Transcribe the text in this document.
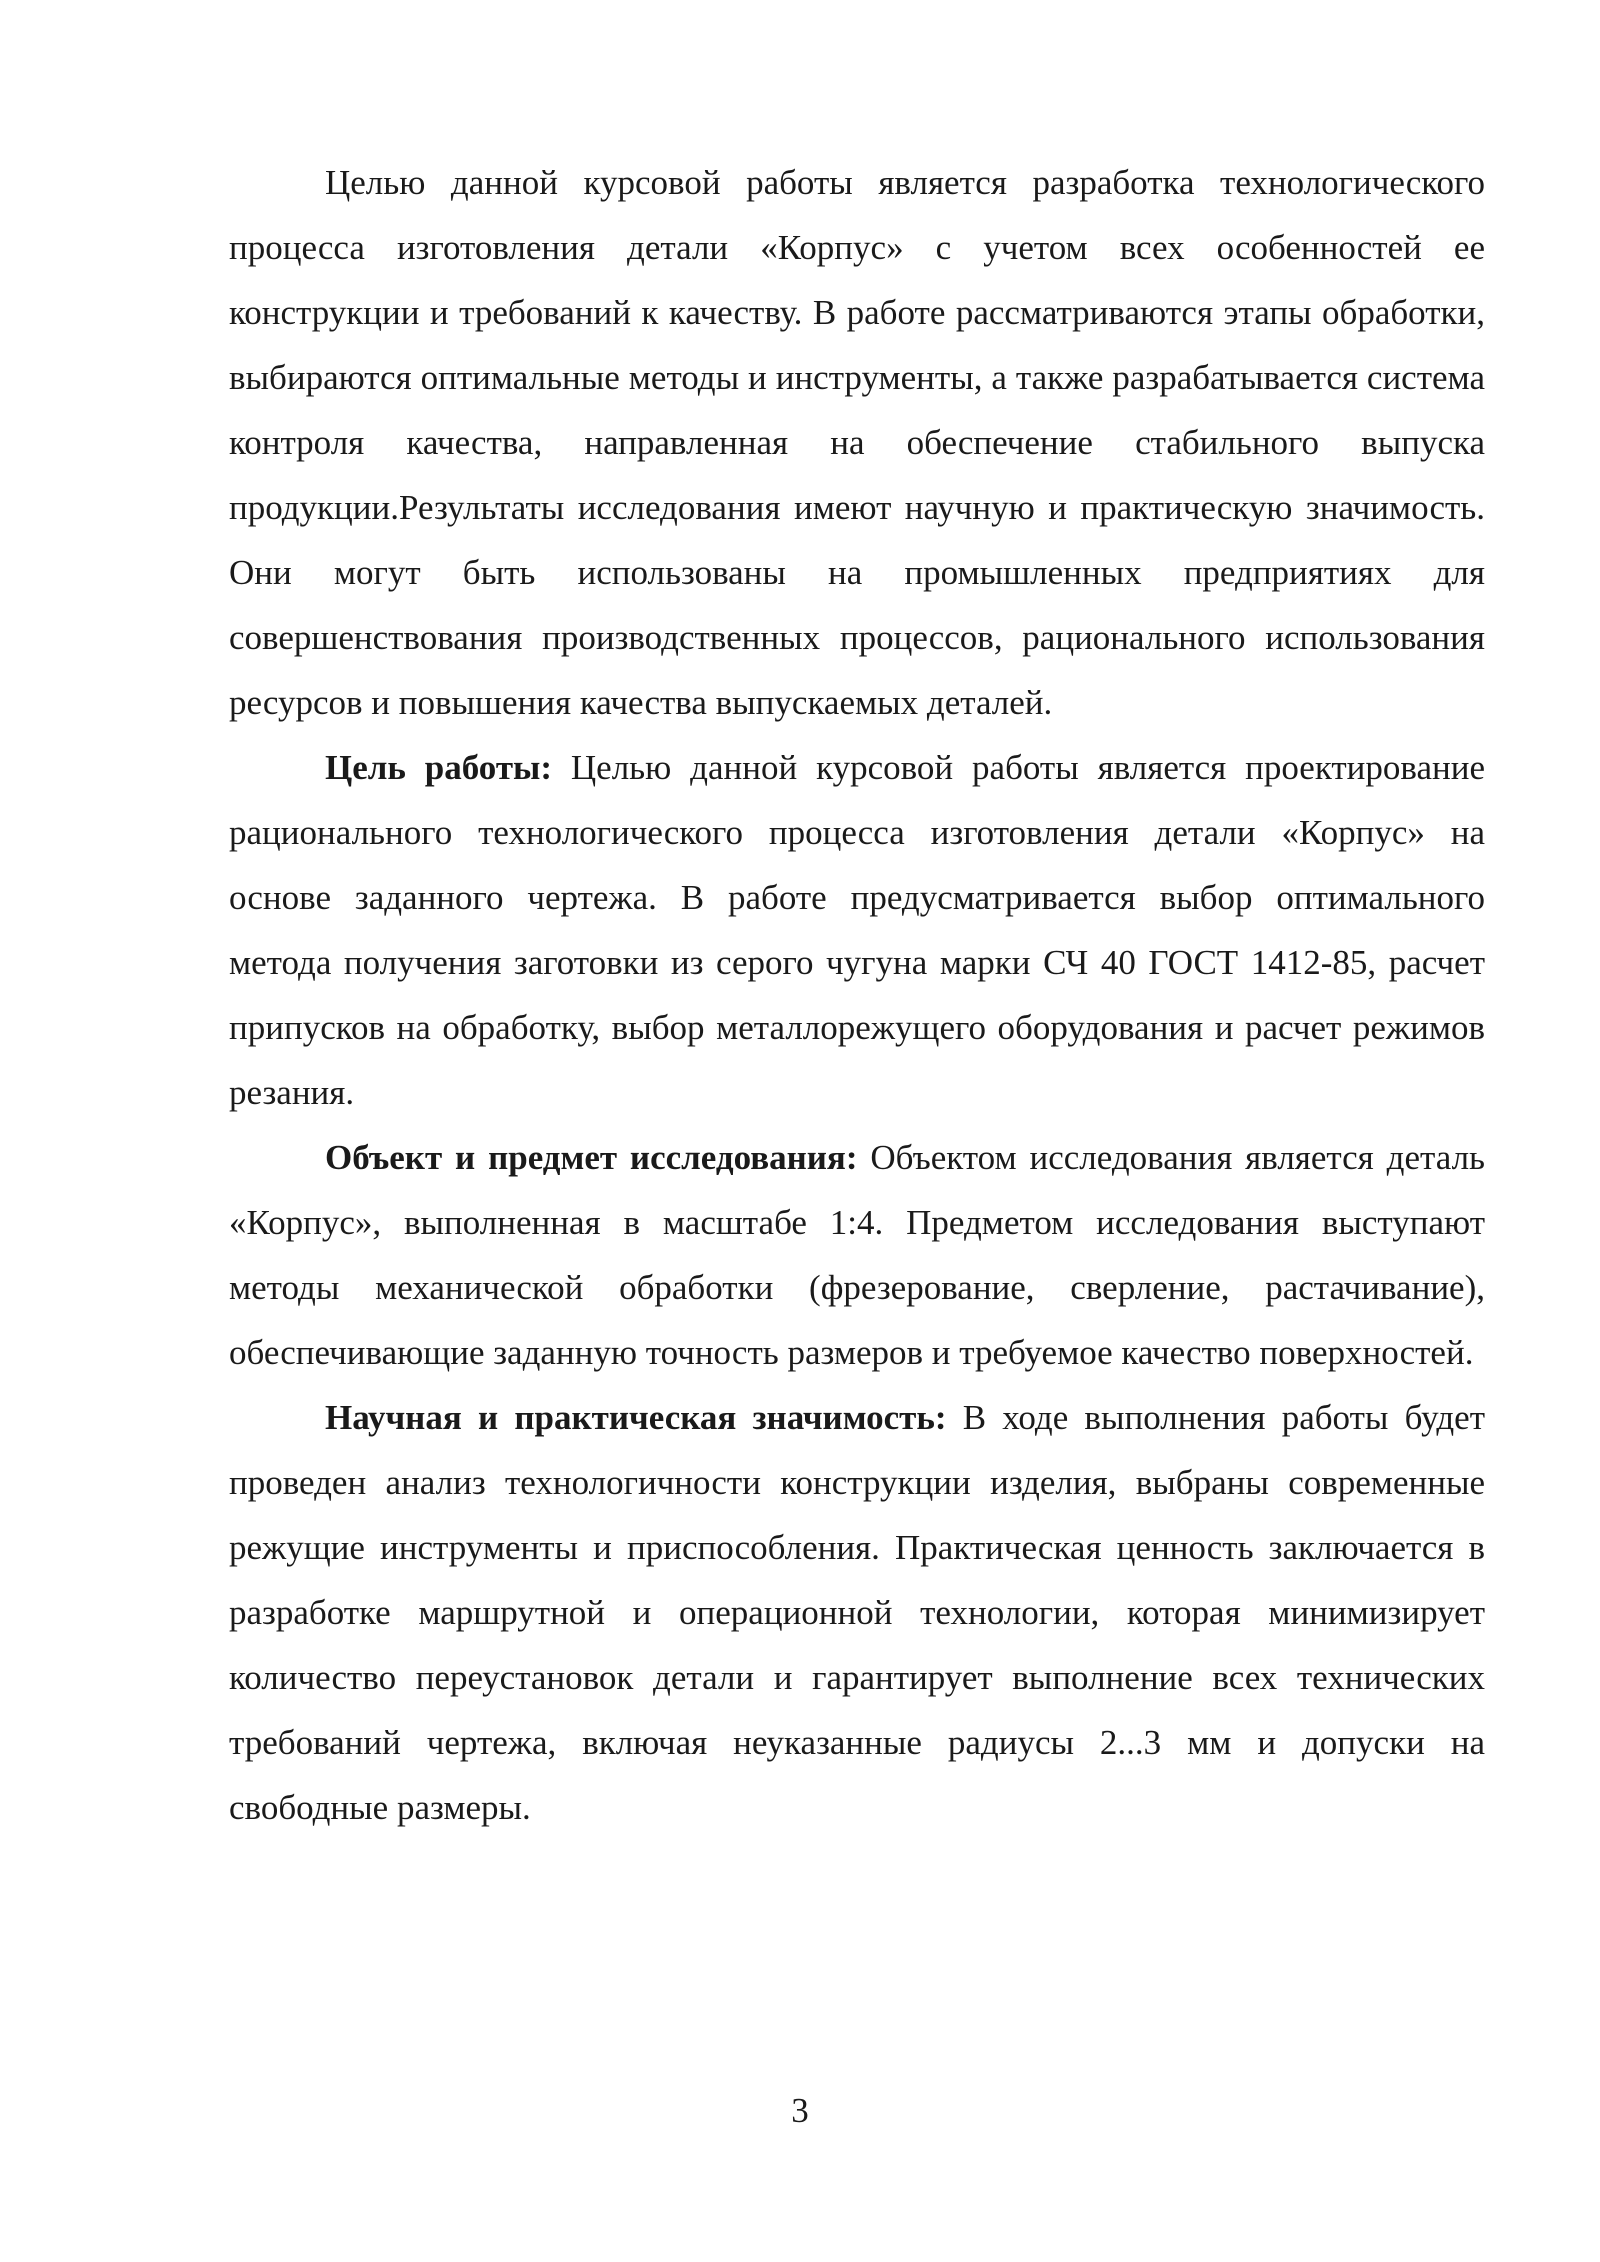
Целью данной курсовой работы является разработка технологического процесса изготовления детали «Корпус» с учетом всех особенностей ее конструкции и требований к качеству. В работе рассматриваются этапы обработки, выбираются оптимальные методы и инструменты, а также разрабатывается система контроля качества, направленная на обеспечение стабильного выпуска продукции.Результаты исследования имеют научную и практическую значимость. Они могут быть использованы на промышленных предприятиях для совершенствования производственных процессов, рационального использования ресурсов и повышения качества выпускаемых деталей.

Цель работы: Целью данной курсовой работы является проектирование рационального технологического процесса изготовления детали «Корпус» на основе заданного чертежа. В работе предусматривается выбор оптимального метода получения заготовки из серого чугуна марки СЧ 40 ГОСТ 1412-85, расчет припусков на обработку, выбор металлорежущего оборудования и расчет режимов резания.

Объект и предмет исследования: Объектом исследования является деталь «Корпус», выполненная в масштабе 1:4. Предметом исследования выступают методы механической обработки (фрезерование, сверление, растачивание), обеспечивающие заданную точность размеров и требуемое качество поверхностей.

Научная и практическая значимость: В ходе выполнения работы будет проведен анализ технологичности конструкции изделия, выбраны современные режущие инструменты и приспособления. Практическая ценность заключается в разработке маршрутной и операционной технологии, которая минимизирует количество переустановок детали и гарантирует выполнение всех технических требований чертежа, включая неуказанные радиусы 2...3 мм и допуски на свободные размеры.

3
